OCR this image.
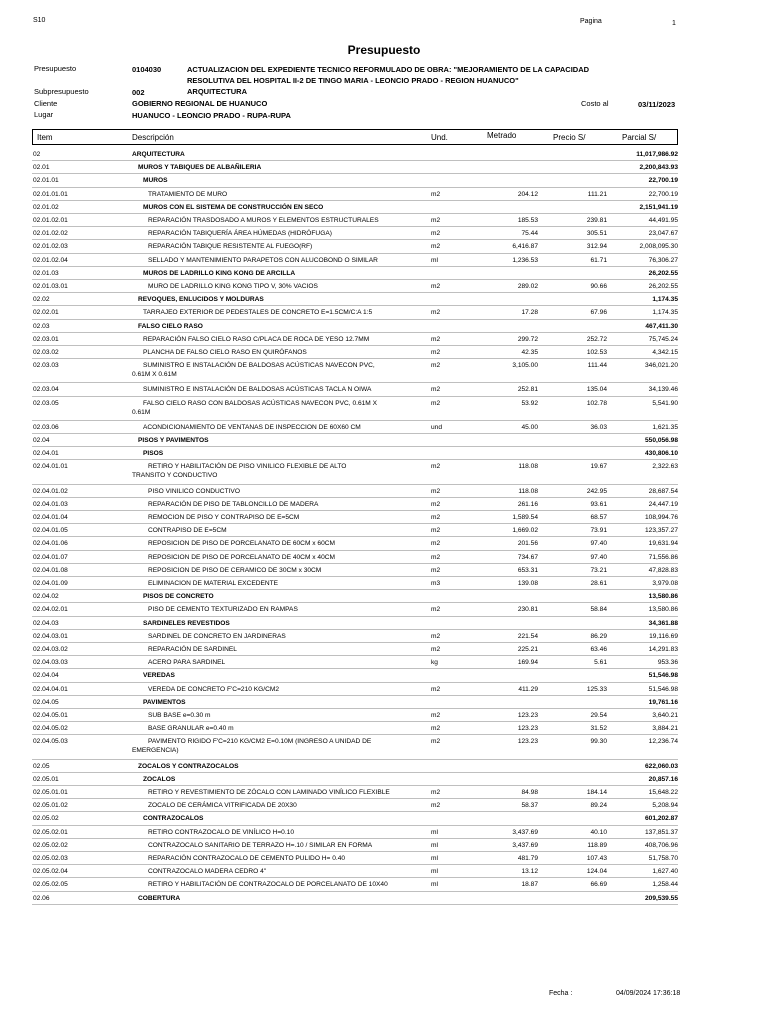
S10	Pagina	1
Presupuesto
Presupuesto	0104030	ACTUALIZACION DEL EXPEDIENTE TECNICO REFORMULADO DE OBRA: "MEJORAMIENTO DE LA CAPACIDAD
RESOLUTIVA DEL HOSPITAL II-2 DE TINGO MARIA - LEONCIO PRADO - REGION HUANUCO"
Subpresupuesto	002	ARQUITECTURA
Cliente	GOBIERNO REGIONAL DE HUANUCO	Costo al	03/11/2023
Lugar	HUANUCO - LEONCIO PRADO - RUPA-RUPA
Item	Descripción	Und.	Metrado	Precio S/	Parcial S/
02	ARQUITECTURA	11,017,986.92
02.01	MUROS Y TABIQUES DE ALBAÑILERIA	2,200,843.93
02.01.01	MUROS	22,700.19
02.01.01.01	TRATAMIENTO DE MURO	m2	204.12	111.21	22,700.19
02.01.02	MUROS CON EL SISTEMA DE CONSTRUCCIÓN EN SECO	2,151,941.19
02.01.02.01	REPARACIÓN TRASDOSADO A MUROS Y ELEMENTOS ESTRUCTURALES	m2	185.53	239.81	44,491.95
02.01.02.02	REPARACIÓN TABIQUERÍA ÁREA HÚMEDAS (HIDRÓFUGA)	m2	75.44	305.51	23,047.67
02.01.02.03	REPARACIÓN TABIQUE RESISTENTE AL FUEGO(RF)	m2	6,416.87	312.94	2,008,095.30
02.01.02.04	SELLADO Y MANTENIMIENTO PARAPETOS CON ALUCOBOND O SIMILAR	ml	1,236.53	61.71	76,306.27
02.01.03	MUROS DE LADRILLO KING KONG DE ARCILLA	26,202.55
02.01.03.01	MURO DE LADRILLO KING KONG TIPO V, 30% VACIOS	m2	289.02	90.66	26,202.55
02.02	REVOQUES, ENLUCIDOS Y MOLDURAS	1,174.35
02.02.01	TARRAJEO EXTERIOR DE PEDESTALES DE CONCRETO E=1.5CM/C:A 1:5	m2	17.28	67.96	1,174.35
02.03	FALSO CIELO RASO	467,411.30
02.03.01	REPARACIÓN FALSO CIELO RASO C/PLACA DE ROCA DE YESO 12.7MM	m2	299.72	252.72	75,745.24
02.03.02	PLANCHA DE FALSO CIELO RASO EN QUIRÓFANOS	m2	42.35	102.53	4,342.15
02.03.03	SUMINISTRO E INSTALACIÓN DE BALDOSAS ACÚSTICAS NAVECON PVC, 0.61M X 0.61M
m2	3,105.00	111.44	346,021.20
02.03.04	SUMINISTRO E INSTALACIÓN DE BALDOSAS ACÚSTICAS TACLA N OIWA	m2	252.81	135.04	34,139.46
02.03.05	FALSO CIELO RASO CON BALDOSAS ACÚSTICAS NAVECON PVC, 0.61M X 0.61M
m2	53.92	102.78	5,541.90
02.03.06	ACONDICIONAMIENTO DE VENTANAS DE INSPECCION DE 60X60 CM	und	45.00	36.03	1,621.35
02.04	PISOS Y PAVIMENTOS	550,056.98
02.04.01	PISOS	430,806.10
02.04.01.01	RETIRO Y HABILITACIÓN DE PISO VINILICO FLEXIBLE DE ALTO TRANSITO Y CONDUCTIVO
m2	118.08	19.67	2,322.63
02.04.01.02	PISO VINILICO CONDUCTIVO	m2	118.08	242.95	28,687.54
02.04.01.03	REPARACIÓN DE PISO DE TABLONCILLO DE MADERA	m2	261.16	93.61	24,447.19
02.04.01.04	REMOCION DE PISO Y CONTRAPISO DE E=5CM	m2	1,589.54	68.57	108,994.76
02.04.01.05	CONTRAPISO DE E=5CM	m2	1,669.02	73.91	123,357.27
02.04.01.06	REPOSICION DE PISO DE PORCELANATO DE 60CM x 60CM	m2	201.56	97.40	19,631.94
02.04.01.07	REPOSICION DE PISO DE PORCELANATO DE 40CM x 40CM	m2	734.67	97.40	71,556.86
02.04.01.08	REPOSICION DE PISO DE CERAMICO DE 30CM x 30CM	m2	653.31	73.21	47,828.83
02.04.01.09	ELIMINACION DE MATERIAL EXCEDENTE	m3	139.08	28.61	3,979.08
02.04.02	PISOS DE CONCRETO	13,580.86
02.04.02.01	PISO DE CEMENTO TEXTURIZADO EN RAMPAS	m2	230.81	58.84	13,580.86
02.04.03	SARDINELES REVESTIDOS	34,361.88
02.04.03.01	SARDINEL DE CONCRETO EN JARDINERAS	m2	221.54	86.29	19,116.69
02.04.03.02	REPARACIÓN DE SARDINEL	m2	225.21	63.46	14,291.83
02.04.03.03	ACERO PARA SARDINEL	kg	169.94	5.61	953.36
02.04.04	VEREDAS	51,546.98
02.04.04.01	VEREDA DE CONCRETO F'C=210 KG/CM2	m2	411.29	125.33	51,546.98
02.04.05	PAVIMENTOS	19,761.16
02.04.05.01	SUB BASE e=0.30 m	m2	123.23	29.54	3,640.21
02.04.05.02	BASE GRANULAR e=0.40 m	m2	123.23	31.52	3,884.21
02.04.05.03	PAVIMENTO RIGIDO F'C=210 KG/CM2 E=0.10M (INGRESO A UNIDAD DE EMERGENCIA)
m2	123.23	99.30	12,236.74
02.05	ZOCALOS Y CONTRAZOCALOS	622,060.03
02.05.01	ZOCALOS	20,857.16
02.05.01.01	RETIRO Y REVESTIMIENTO DE ZÓCALO CON LAMINADO VINÍLICO FLEXIBLE	m2	84.98	184.14	15,648.22
02.05.01.02	ZOCALO DE CERÁMICA VITRIFICADA DE 20X30	m2	58.37	89.24	5,208.94
02.05.02	CONTRAZOCALOS	601,202.87
02.05.02.01	RETIRO CONTRAZOCALO DE VINÍLICO H=0.10	ml	3,437.69	40.10	137,851.37
02.05.02.02	CONTRAZOCALO SANITARIO DE TERRAZO H=.10 / SIMILAR EN FORMA	ml	3,437.69	118.89	408,706.96
02.05.02.03	REPARACIÓN CONTRAZOCALO DE CEMENTO PULIDO H= 0.40	ml	481.79	107.43	51,758.70
02.05.02.04	CONTRAZOCALO MADERA CEDRO 4"	ml	13.12	124.04	1,627.40
02.05.02.05	RETIRO Y HABILITACIÓN DE CONTRAZOCALO DE PORCELANATO DE 10X40	ml	18.87	66.69	1,258.44
02.06	COBERTURA	209,539.55
Fecha :	04/09/2024 17:36:18
